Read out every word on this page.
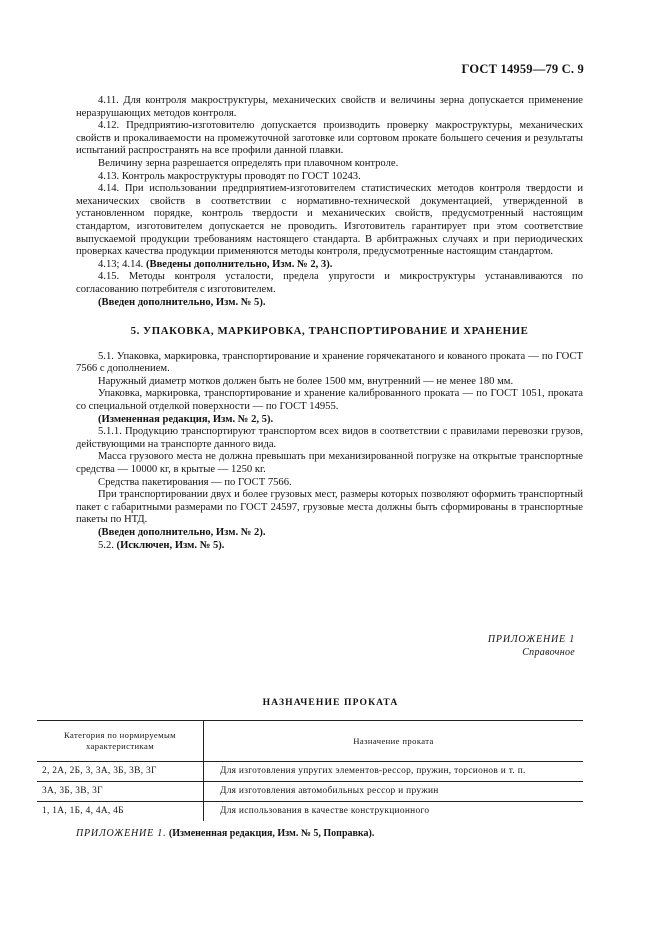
ГОСТ 14959—79 С. 9

4.11. Для контроля макроструктуры, механических свойств и величины зерна допускается применение неразрушающих методов контроля.

4.12. Предприятию-изготовителю допускается производить проверку макроструктуры, механических свойств и прокаливаемости на промежуточной заготовке или сортовом прокате большего сечения и результаты испытаний распространять на все профили данной плавки.

Величину зерна разрешается определять при плавочном контроле.

4.13. Контроль макроструктуры проводят по ГОСТ 10243.

4.14. При использовании предприятием-изготовителем статистических методов контроля твердости и механических свойств в соответствии с нормативно-технической документацией, утвержденной в установленном порядке, контроль твердости и механических свойств, предусмотренный настоящим стандартом, изготовителем допускается не проводить. Изготовитель гарантирует при этом соответствие выпускаемой продукции требованиям настоящего стандарта. В арбитражных случаях и при периодических проверках качества продукции применяются методы контроля, предусмотренные настоящим стандартом.

4.13; 4.14. (Введены дополнительно, Изм. № 2, 3).

4.15. Методы контроля усталости, предела упругости и микроструктуры устанавливаются по согласованию потребителя с изготовителем.

(Введен дополнительно, Изм. № 5).

5. УПАКОВКА, МАРКИРОВКА, ТРАНСПОРТИРОВАНИЕ И ХРАНЕНИЕ

5.1. Упаковка, маркировка, транспортирование и хранение горячекатаного и кованого проката — по ГОСТ 7566 с дополнением.

Наружный диаметр мотков должен быть не более 1500 мм, внутренний — не менее 180 мм.

Упаковка, маркировка, транспортирование и хранение калиброванного проката — по ГОСТ 1051, проката со специальной отделкой поверхности — по ГОСТ 14955.

(Измененная редакция, Изм. № 2, 5).

5.1.1. Продукцию транспортируют транспортом всех видов в соответствии с правилами перевозки грузов, действующими на транспорте данного вида.

Масса грузового места не должна превышать при механизированной погрузке на открытые транспортные средства — 10000 кг, в крытые — 1250 кг.

Средства пакетирования — по ГОСТ 7566.

При транспортировании двух и более грузовых мест, размеры которых позволяют оформить транспортный пакет с габаритными размерами по ГОСТ 24597, грузовые места должны быть сформированы в транспортные пакеты по НТД.

(Введен дополнительно, Изм. № 2).

5.2. (Исключен, Изм. № 5).

ПРИЛОЖЕНИЕ 1
Справочное
НАЗНАЧЕНИЕ ПРОКАТА
Категория по нормируемым характеристикам	Назначение проката
2, 2А, 2Б, 3, 3А, 3Б, 3В, 3Г	Для изготовления упругих элементов-рессор, пружин, торсионов и т. п.
3А, 3Б, 3В, 3Г	Для изготовления автомобильных рессор и пружин
1, 1А, 1Б, 4, 4А, 4Б	Для использования в качестве конструкционного
ПРИЛОЖЕНИЕ 1. (Измененная редакция, Изм. № 5, Поправка).
